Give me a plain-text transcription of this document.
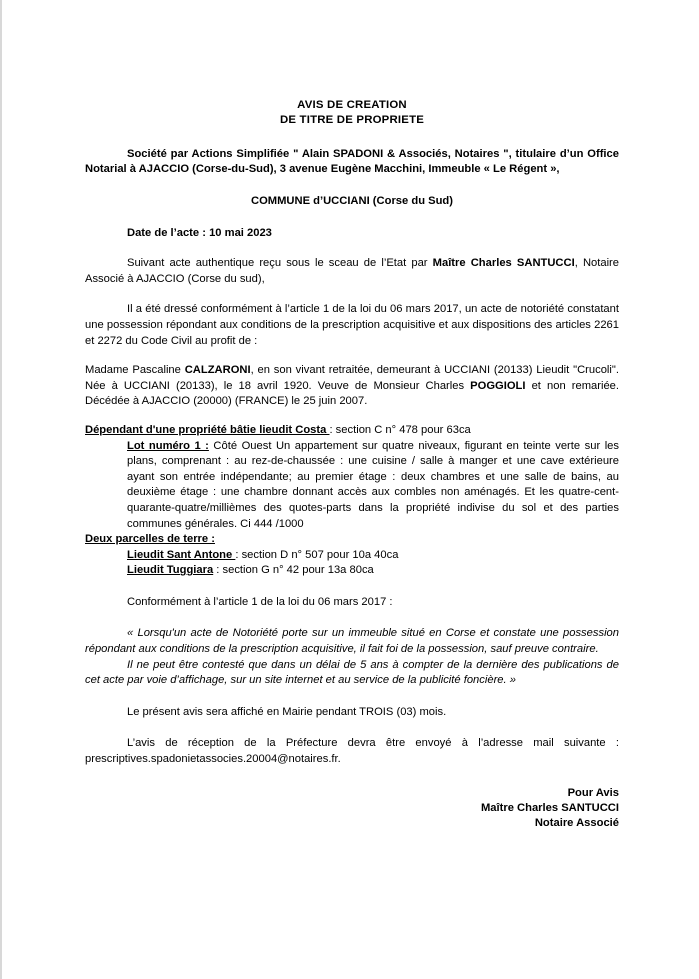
AVIS DE CREATION
DE TITRE DE PROPRIETE

Société par Actions Simplifiée " Alain SPADONI & Associés, Notaires ", titulaire d’un Office Notarial à AJACCIO (Corse-du-Sud), 3 avenue Eugène Macchini, Immeuble « Le Régent »,

COMMUNE d’UCCIANI (Corse du Sud)

Date de l’acte : 10 mai 2023

Suivant acte authentique reçu sous le sceau de l’Etat par Maître Charles SANTUCCI, Notaire Associé à AJACCIO (Corse du sud),

Il a été dressé conformément à l’article 1 de la loi du 06 mars 2017, un acte de notoriété constatant une possession répondant aux conditions de la prescription acquisitive et aux dispositions des articles 2261 et 2272 du Code Civil au profit de :

Madame Pascaline CALZARONI, en son vivant retraitée, demeurant à UCCIANI (20133) Lieudit "Crucoli". Née à UCCIANI (20133), le 18 avril 1920. Veuve de Monsieur Charles POGGIOLI et non remariée. Décédée à AJACCIO (20000) (FRANCE) le 25 juin 2007.

Dépendant d'une propriété bâtie lieudit Costa : section C n° 478 pour 63ca

Lot numéro 1 : Côté Ouest Un appartement sur quatre niveaux, figurant en teinte verte sur les plans, comprenant : au rez-de-chaussée : une cuisine / salle à manger et une cave extérieure ayant son entrée indépendante; au premier étage : deux chambres et une salle de bains, au deuxième étage : une chambre donnant accès aux combles non aménagés. Et les quatre-cent-quarante-quatre/millièmes des quotes-parts dans la propriété indivise du sol et des parties communes générales. Ci 444 /1000

Deux parcelles de terre :

Lieudit Sant Antone : section D n° 507 pour 10a 40ca

Lieudit Tuggiara : section G n° 42 pour 13a 80ca

Conformément à l’article 1 de la loi du 06 mars 2017 :

« Lorsqu'un acte de Notoriété porte sur un immeuble situé en Corse et constate une possession répondant aux conditions de la prescription acquisitive, il fait foi de la possession, sauf preuve contraire.

Il ne peut être contesté que dans un délai de 5 ans à compter de la dernière des publications de cet acte par voie d’affichage, sur un site internet et au service de la publicité foncière. »

Le présent avis sera affiché en Mairie pendant TROIS (03) mois.

L’avis de réception de la Préfecture devra être envoyé à l’adresse mail suivante : prescriptives.spadonietassocies.20004@notaires.fr.

Pour Avis
Maître Charles SANTUCCI
Notaire Associé
